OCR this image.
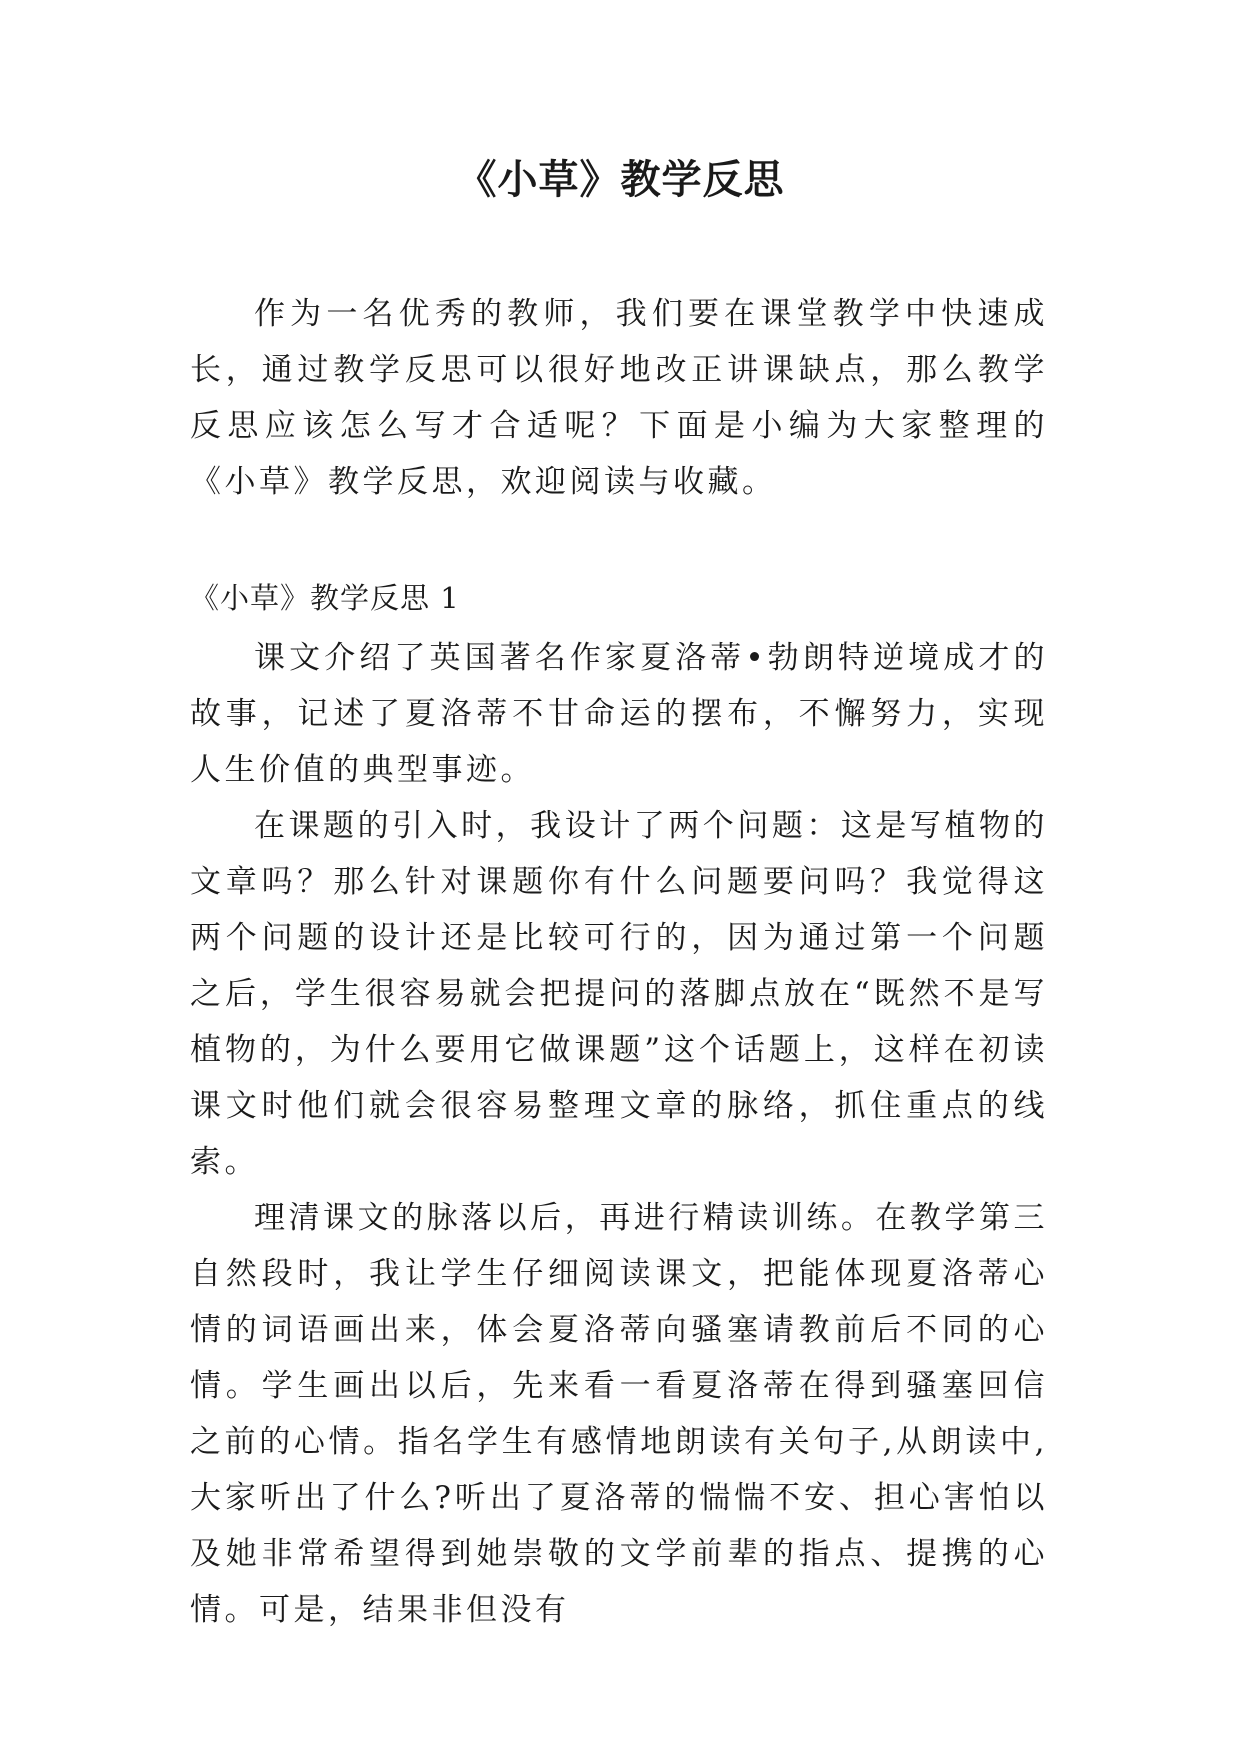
《小草》教学反思

作为一名优秀的教师，我们要在课堂教学中快速成长，通过教学反思可以很好地改正讲课缺点，那么教学反思应该怎么写才合适呢？下面是小编为大家整理的《小草》教学反思，欢迎阅读与收藏。

《小草》教学反思 1

课文介绍了英国著名作家夏洛蒂•勃朗特逆境成才的故事，记述了夏洛蒂不甘命运的摆布，不懈努力，实现人生价值的典型事迹。

在课题的引入时，我设计了两个问题：这是写植物的文章吗？那么针对课题你有什么问题要问吗？我觉得这两个问题的设计还是比较可行的，因为通过第一个问题之后，学生很容易就会把提问的落脚点放在“既然不是写植物的，为什么要用它做课题”这个话题上，这样在初读课文时他们就会很容易整理文章的脉络，抓住重点的线索。

理清课文的脉落以后，再进行精读训练。在教学第三自然段时，我让学生仔细阅读课文，把能体现夏洛蒂心情的词语画出来，体会夏洛蒂向骚塞请教前后不同的心情。学生画出以后，先来看一看夏洛蒂在得到骚塞回信之前的心情。指名学生有感情地朗读有关句子,从朗读中,大家听出了什么?听出了夏洛蒂的惴惴不安、担心害怕以及她非常希望得到她崇敬的文学前辈的指点、提携的心情。可是，结果非但没有
